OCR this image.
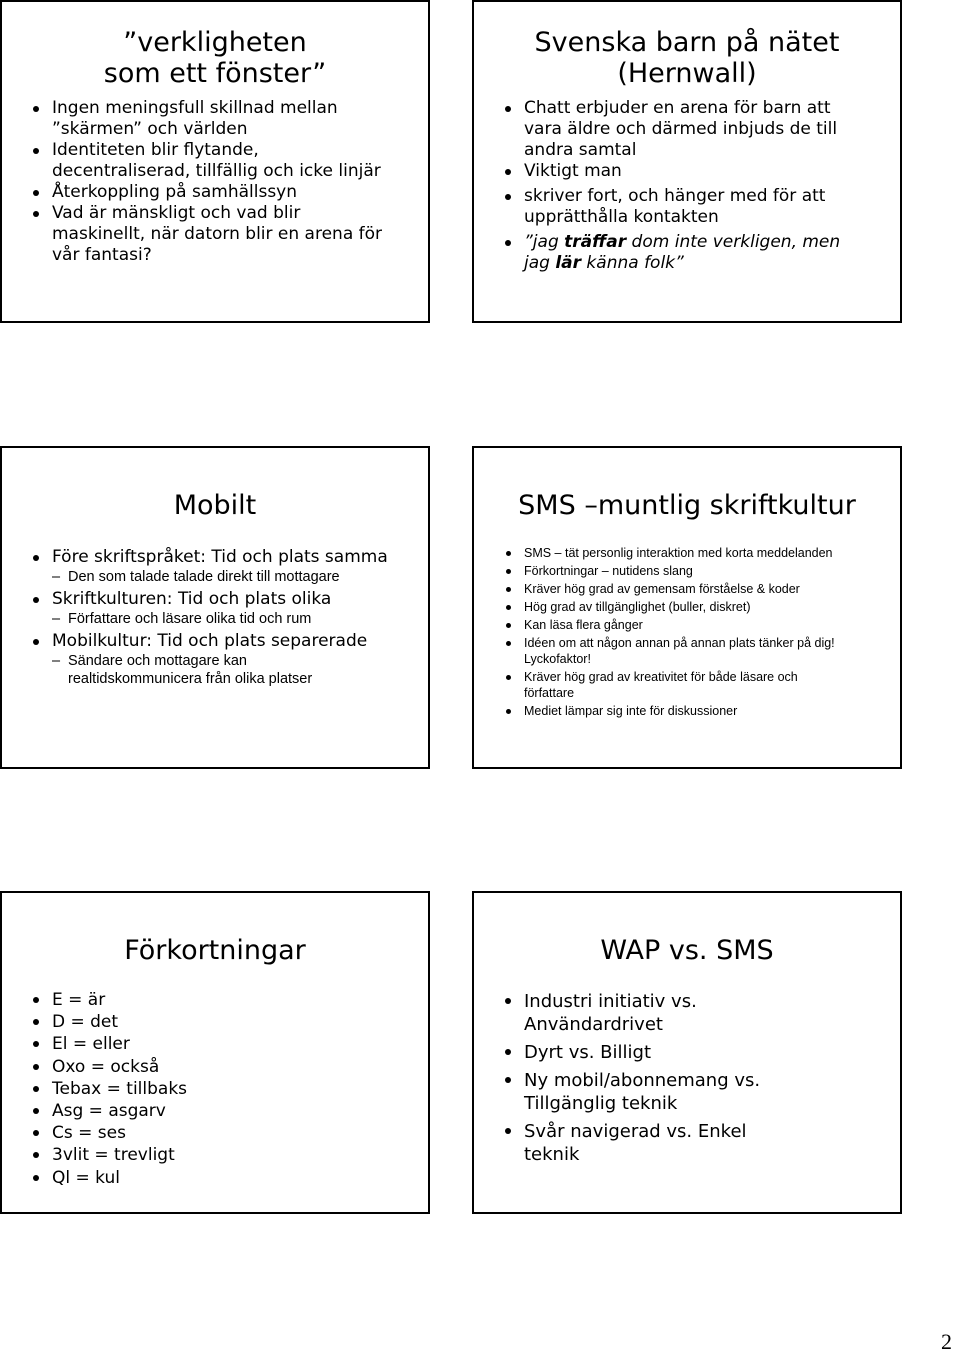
”verkligheten som ett fönster”
Ingen meningsfull skillnad mellan ”skärmen” och världen
Identiteten blir flytande, decentraliserad, tillfällig och icke linjär
Återkoppling på samhällssyn
Vad är mänskligt och vad blir maskinellt, när datorn blir en arena för vår fantasi?
Svenska barn på nätet (Hernwall)
Chatt erbjuder en arena för barn att vara äldre och därmed inbjuds de till andra samtal
Viktigt man
skriver fort, och hänger med för att upprätthålla kontakten
”jag träffar dom inte verkligen, men jag lär känna folk”
Mobilt
Före skriftspråket: Tid och plats samma
– Den som talade talade direkt till mottagare
Skriftkulturen: Tid och plats olika
– Författare och läsare olika tid och rum
Mobilkultur: Tid och plats separerade
– Sändare och mottagare kan realtidskommunicera från olika platser
SMS –muntlig skriftkultur
SMS – tät personlig interaktion med korta meddelanden
Förkortningar – nutidens slang
Kräver hög grad av gemensam förståelse & koder
Hög grad av tillgänglighet (buller, diskret)
Kan läsa flera gånger
Idéen om att någon annan på annan plats tänker på dig! Lyckofaktor!
Kräver hög grad av kreativitet för både läsare och författare
Mediet lämpar sig inte för diskussioner
Förkortningar
E = är
D = det
El = eller
Oxo = också
Tebax = tillbaks
Asg = asgarv
Cs = ses
3vlit = trevligt
Ql = kul
WAP vs. SMS
Industri initiativ vs. Användardrivet
Dyrt vs. Billigt
Ny mobil/abonnemang vs. Tillgänglig teknik
Svår navigerad vs. Enkel teknik
2
